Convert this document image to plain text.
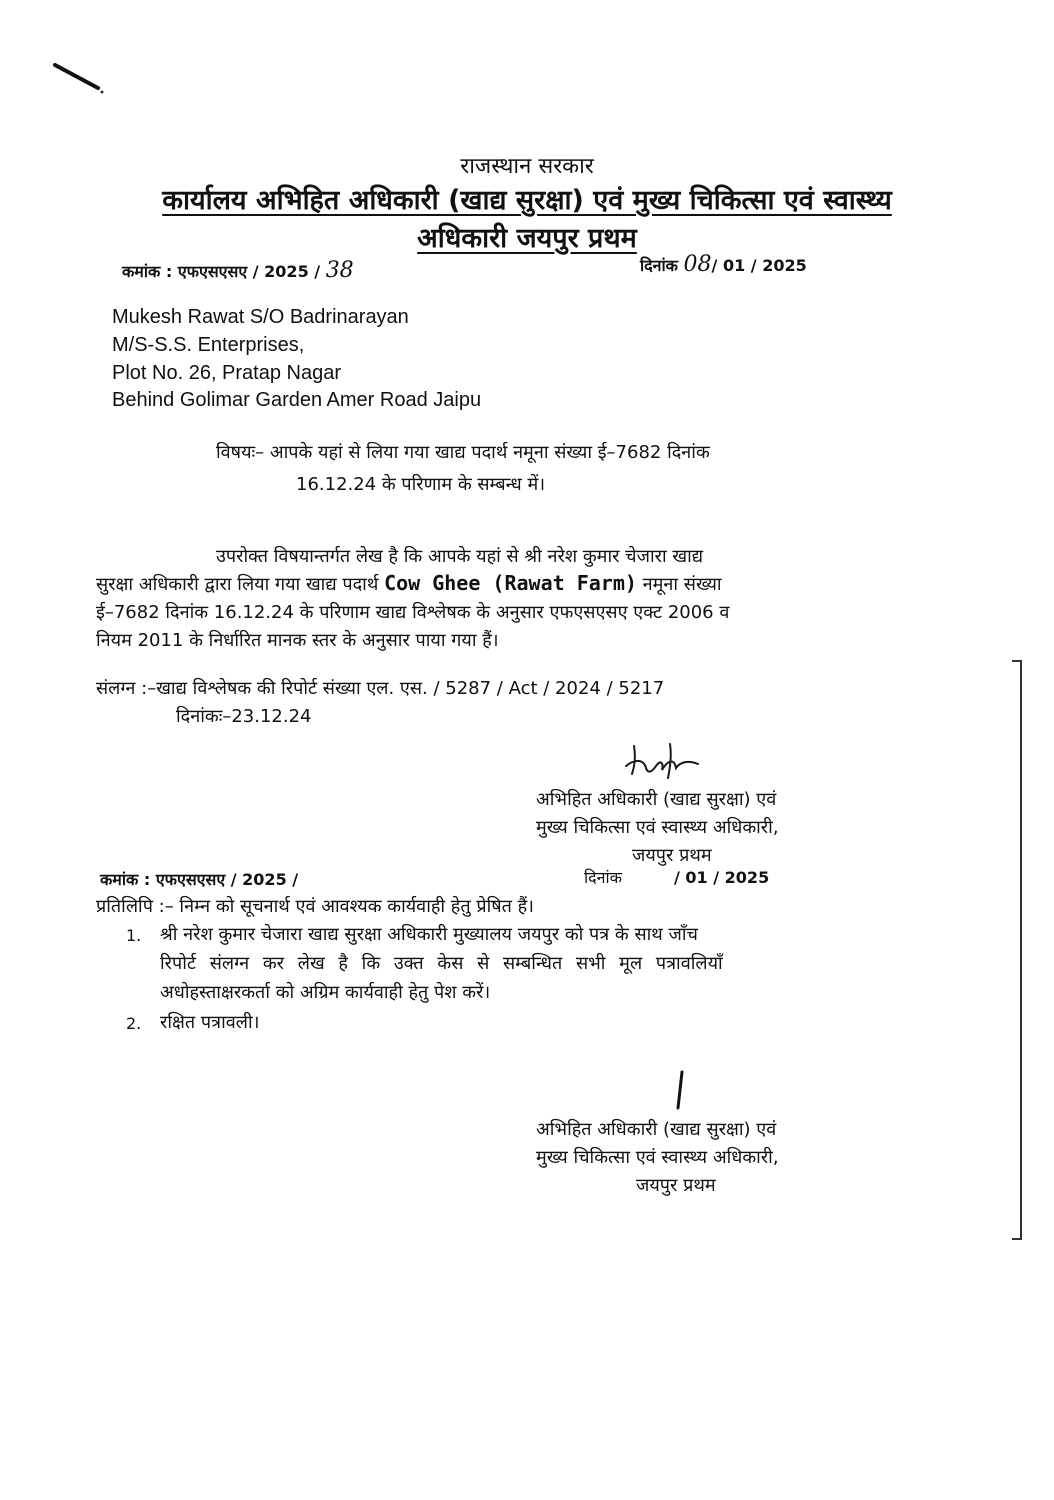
राजस्थान सरकार
कार्यालय अभिहित अधिकारी (खाद्य सुरक्षा) एवं मुख्य चिकित्सा एवं स्वास्थ्य
अधिकारी जयपुर प्रथम
कमांक : एफएसएसए / 2025 / 38	दिनांक 08/ 01 / 2025
Mukesh Rawat S/O Badrinarayan
M/S-S.S. Enterprises,
Plot No. 26, Pratap Nagar
Behind Golimar Garden Amer Road Jaipu
विषयः– आपके यहां से लिया गया खाद्य पदार्थ नमूना संख्या ई–7682 दिनांक
16.12.24 के परिणाम के सम्बन्ध में।
उपरोक्त विषयान्तर्गत लेख है कि आपके यहां से श्री नरेश कुमार चेजारा खाद्य
सुरक्षा अधिकारी द्वारा लिया गया खाद्य पदार्थ Cow Ghee (Rawat Farm) नमूना संख्या
ई–7682 दिनांक 16.12.24 के परिणाम खाद्य विश्लेषक के अनुसार एफएसएसए एक्ट 2006 व
नियम 2011 के निर्धारित मानक स्तर के अनुसार पाया गया हैं।
संलग्न :–खाद्य विश्लेषक की रिपोर्ट संख्या एल. एस. / 5287 / Act / 2024 / 5217
दिनांकः–23.12.24
अभिहित अधिकारी (खाद्य सुरक्षा) एवं
मुख्य चिकित्सा एवं स्वास्थ्य अधिकारी,
जयपुर प्रथम
कमांक : एफएसएसए / 2025 /	दिनांक	/ 01 / 2025
प्रतिलिपि :– निम्न को सूचनार्थ एवं आवश्यक कार्यवाही हेतु प्रेषित हैं।
1. श्री नरेश कुमार चेजारा खाद्य सुरक्षा अधिकारी मुख्यालय जयपुर को पत्र के साथ जाँच
रिपोर्ट संलग्न कर लेख है कि उक्त केस से सम्बन्धित सभी मूल पत्रावलियाँ
अधोहस्ताक्षरकर्ता को अग्रिम कार्यवाही हेतु पेश करें।
2. रक्षित पत्रावली।
अभिहित अधिकारी (खाद्य सुरक्षा) एवं
मुख्य चिकित्सा एवं स्वास्थ्य अधिकारी,
जयपुर प्रथम
